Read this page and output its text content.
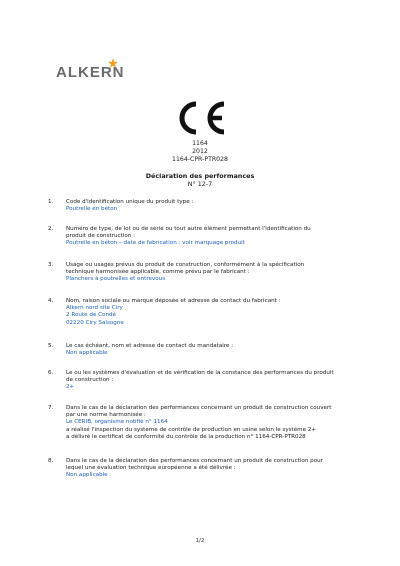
ALKERN
1164
2012
1164-CPR-PTR028
Déclaration des performances
N° 12-7
1.	Code d'identification unique du produit type :
Poutrelle en béton
2.	Numéro de type, de lot ou de série ou tout autre élément permettant l'identification du
produit de construction :
Poutrelle en béton – date de fabrication : voir marquage produit
3.	Usage ou usages prévus du produit de construction, conformément à la spécification
technique harmonisée applicable, comme prévu par le fabricant :
Planchers à poutrelles et entrevous
4.	Nom, raison sociale ou marque déposée et adresse de contact du fabricant :
Alkern nord site Ciry
2 Route de Condé
02220 Ciry Salsogne
5.	Le cas échéant, nom et adresse de contact du mandataire :
Non applicable
6.	Le ou les systèmes d'évaluation et de vérification de la constance des performances du produit
de construction :
2+
7.	Dans le cas de la déclaration des performances concernant un produit de construction couvert
par une norme harmonisée :
Le CERIB, organisme notifié n° 1164
a réalisé l'inspection du système de contrôle de production en usine selon le système 2+
a délivré le certificat de conformité du contrôle de la production n° 1164-CPR-PTR028
8.	Dans le cas de la déclaration des performances concernant un produit de construction pour
lequel une évaluation technique européenne a été délivrée :
Non applicable
1/2
